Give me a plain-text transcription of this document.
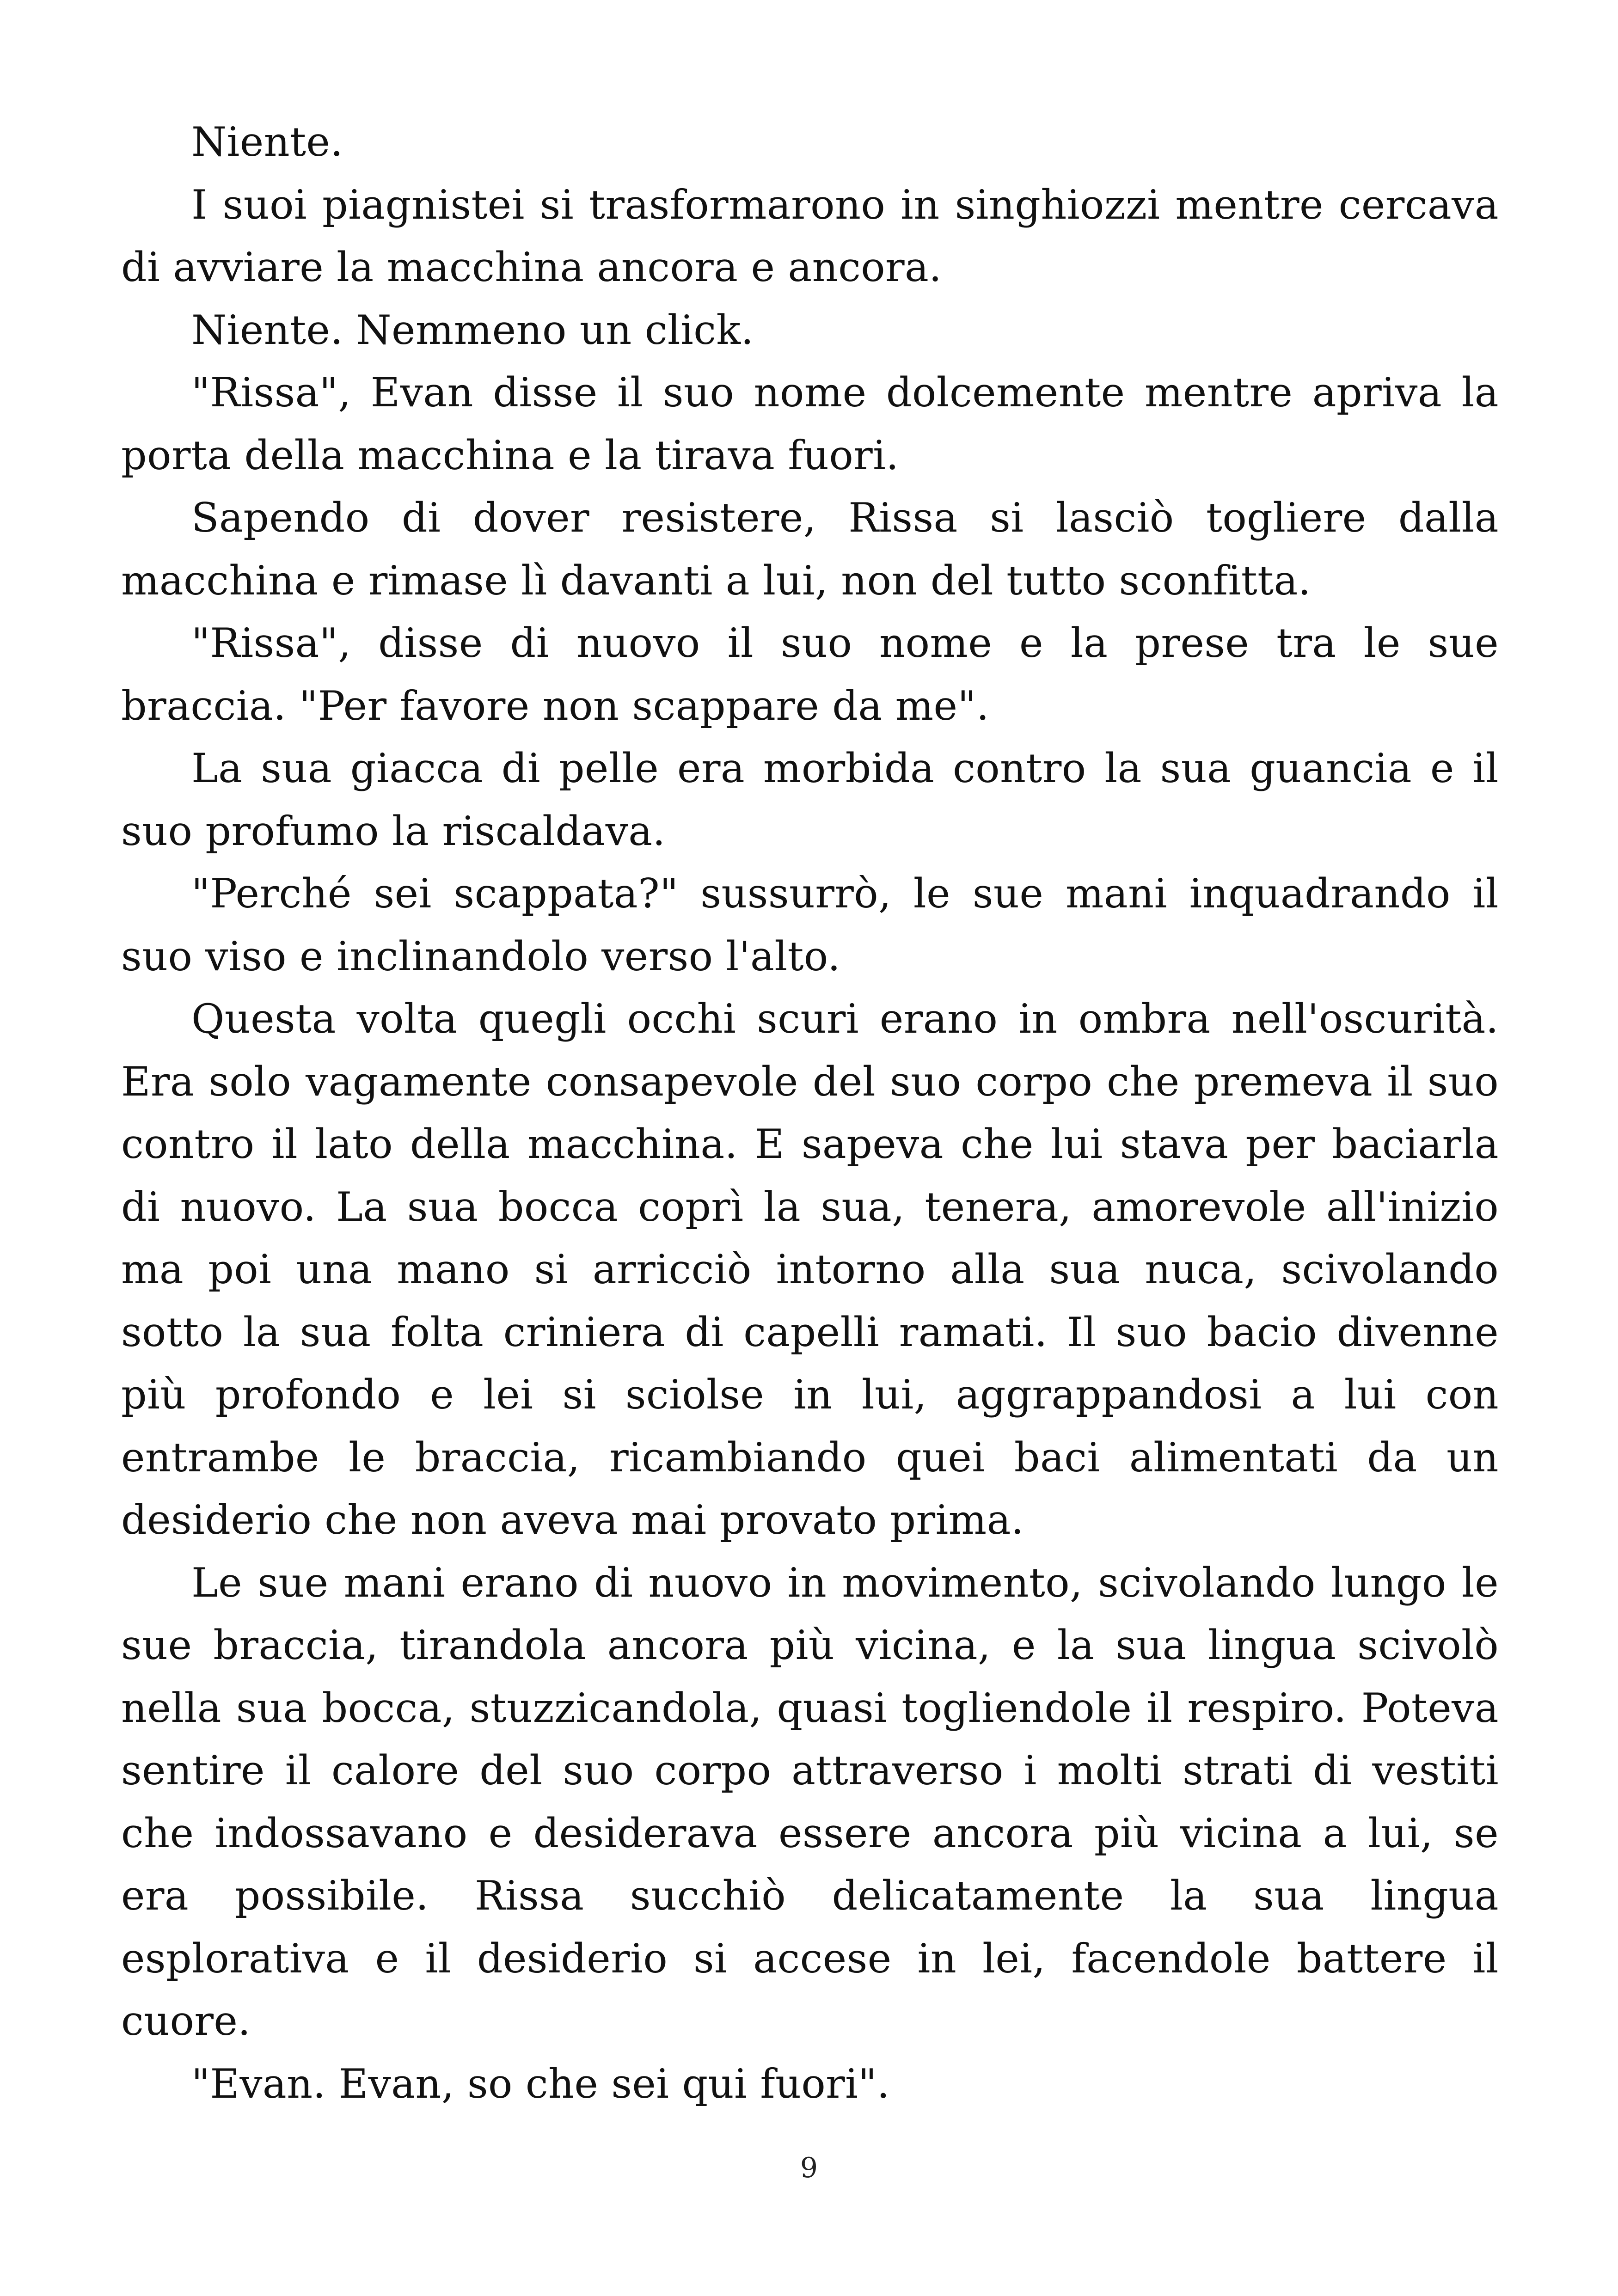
Niente.

I suoi piagnistei si trasformarono in singhiozzi mentre cercava di avviare la macchina ancora e ancora.

Niente. Nemmeno un click.

"Rissa", Evan disse il suo nome dolcemente mentre apriva la porta della macchina e la tirava fuori.

Sapendo di dover resistere, Rissa si lasciò togliere dalla macchina e rimase lì davanti a lui, non del tutto sconfitta.

"Rissa", disse di nuovo il suo nome e la prese tra le sue braccia. "Per favore non scappare da me".

La sua giacca di pelle era morbida contro la sua guancia e il suo profumo la riscaldava.

"Perché sei scappata?" sussurrò, le sue mani inquadrando il suo viso e inclinandolo verso l'alto.

Questa volta quegli occhi scuri erano in ombra nell'oscurità. Era solo vagamente consapevole del suo corpo che premeva il suo contro il lato della macchina. E sapeva che lui stava per baciarla di nuovo. La sua bocca coprì la sua, tenera, amorevole all'inizio ma poi una mano si arricciò intorno alla sua nuca, scivolando sotto la sua folta criniera di capelli ramati. Il suo bacio divenne più profondo e lei si sciolse in lui, aggrappandosi a lui con entrambe le braccia, ricambiando quei baci alimentati da un desiderio che non aveva mai provato prima.

Le sue mani erano di nuovo in movimento, scivolando lungo le sue braccia, tirandola ancora più vicina, e la sua lingua scivolò nella sua bocca, stuzzicandola, quasi togliendole il respiro. Poteva sentire il calore del suo corpo attraverso i molti strati di vestiti che indossavano e desiderava essere ancora più vicina a lui, se era possibile. Rissa succhiò delicatamente la sua lingua esplorativa e il desiderio si accese in lei, facendole battere il cuore.

"Evan. Evan, so che sei qui fuori".

9
